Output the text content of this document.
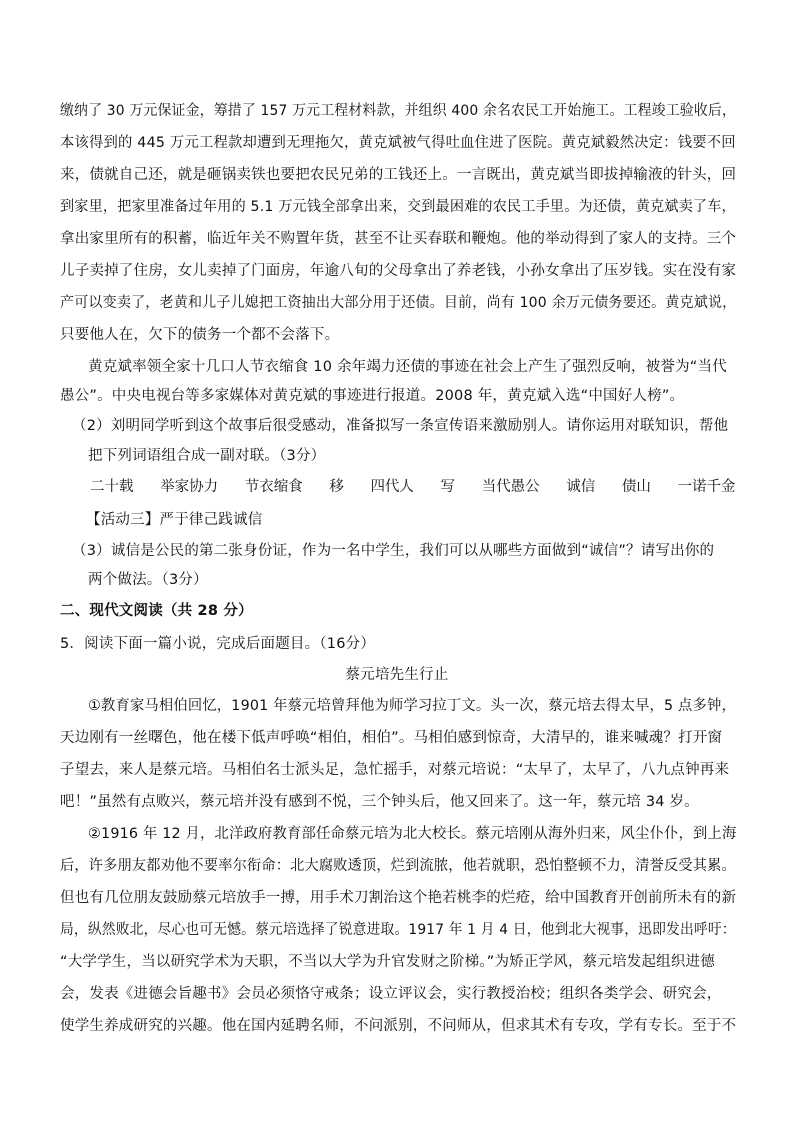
缴纳了 30 万元保证金，筹措了 157 万元工程材料款，并组织 400 余名农民工开始施工。工程竣工验收后，
本该得到的 445 万元工程款却遭到无理拖欠，黄克斌被气得吐血住进了医院。黄克斌毅然决定：钱要不回
来，债就自己还，就是砸锅卖铁也要把农民兄弟的工钱还上。一言既出，黄克斌当即拔掉输液的针头，回
到家里，把家里准备过年用的 5.1 万元钱全部拿出来，交到最困难的农民工手里。为还债，黄克斌卖了车，
拿出家里所有的积蓄，临近年关不购置年货，甚至不让买春联和鞭炮。他的举动得到了家人的支持。三个
儿子卖掉了住房，女儿卖掉了门面房，年逾八旬的父母拿出了养老钱，小孙女拿出了压岁钱。实在没有家
产可以变卖了，老黄和儿子儿媳把工资抽出大部分用于还债。目前，尚有 100 余万元债务要还。黄克斌说，
只要他人在，欠下的债务一个都不会落下。
黄克斌率领全家十几口人节衣缩食 10 余年竭力还债的事迹在社会上产生了强烈反响，被誉为“当代
愚公”。中央电视台等多家媒体对黄克斌的事迹进行报道。2008 年，黄克斌入选“中国好人榜”。
（2）刘明同学听到这个故事后很受感动，准备拟写一条宣传语来激励别人。请你运用对联知识，帮他
把下列词语组合成一副对联。（3分）
二十载 举家协力 节衣缩食 移 四代人 写 当代愚公 诚信 债山 一诺千金
【活动三】严于律己践诚信
（3）诚信是公民的第二张身份证，作为一名中学生，我们可以从哪些方面做到“诚信”？请写出你的
两个做法。（3分）
二、现代文阅读（共 28 分）
5．阅读下面一篇小说，完成后面题目。（16分）
蔡元培先生行止
①教育家马相伯回忆，1901 年蔡元培曾拜他为师学习拉丁文。头一次，蔡元培去得太早，5 点多钟，
天边刚有一丝曙色，他在楼下低声呼唤“相伯，相伯”。马相伯感到惊奇，大清早的，谁来喊魂？打开窗
子望去，来人是蔡元培。马相伯名士派头足，急忙摇手，对蔡元培说：“太早了，太早了，八九点钟再来
吧！”虽然有点败兴，蔡元培并没有感到不悦，三个钟头后，他又回来了。这一年，蔡元培 34 岁。
②1916 年 12 月，北洋政府教育部任命蔡元培为北大校长。蔡元培刚从海外归来，风尘仆仆，到上海
后，许多朋友都劝他不要率尔衔命：北大腐败透顶，烂到流脓，他若就职，恐怕整顿不力，清誉反受其累。
但也有几位朋友鼓励蔡元培放手一搏，用手术刀割治这个艳若桃李的烂疮，给中国教育开创前所未有的新
局，纵然败北，尽心也可无憾。蔡元培选择了锐意进取。1917 年 1 月 4 日，他到北大视事，迅即发出呼吁：
“大学学生，当以研究学术为天职，不当以大学为升官发财之阶梯。”为矫正学风，蔡元培发起组织进德
会，发表《进德会旨趣书》会员必须恪守戒条；设立评议会，实行教授治校；组织各类学会、研究会，
使学生养成研究的兴趣。他在国内延聘名师，不问派别，不问师从，但求其术有专攻，学有专长。至于不
